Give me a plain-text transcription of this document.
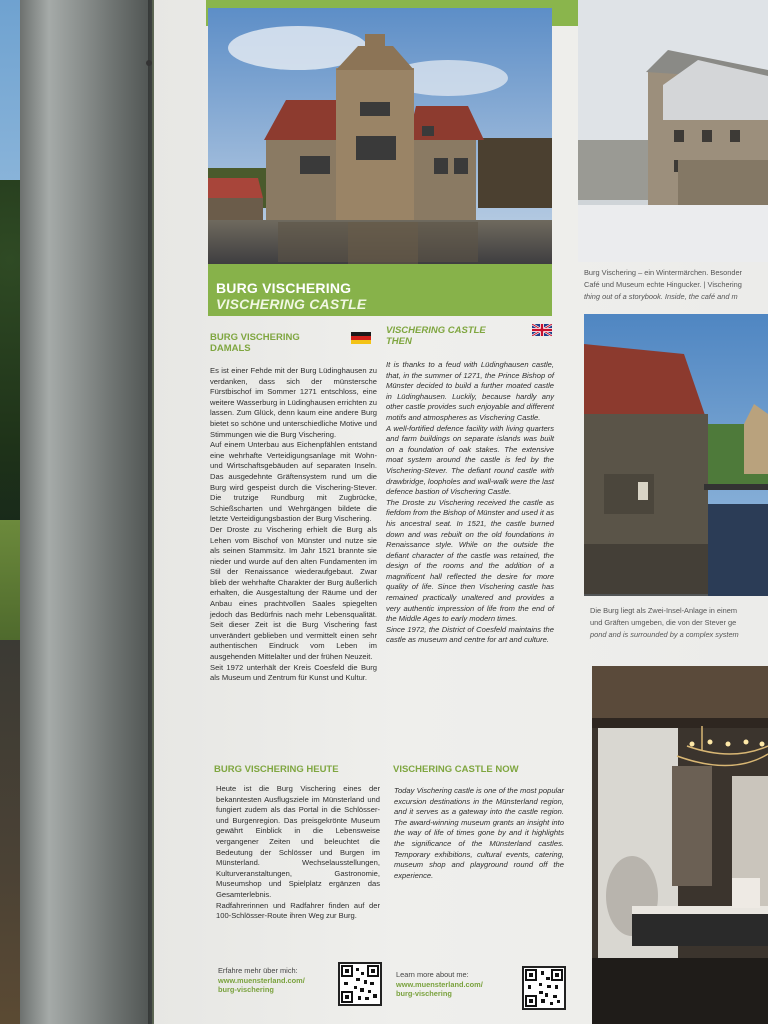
BURG VISCHERING
VISCHERING CASTLE
Burg Vischering – ein Wintermärchen. Besonder
Café und Museum echte Hingucker. | Vischering
thing out of a storybook. Inside, the café and m
Die Burg liegt als Zwei-Insel-Anlage in einem
und Gräften umgeben, die von der Stever ge
pond and is surrounded by a complex system
BURG VISCHERING
DAMALS
VISCHERING CASTLE
THEN

Es ist einer Fehde mit der Burg Lüdinghausen zu verdanken, dass sich der münstersche Fürstbischof im Sommer 1271 entschloss, eine weitere Wasserburg in Lüdinghausen errichten zu lassen. Zum Glück, denn kaum eine andere Burg bietet so schöne und unterschiedliche Motive und Stimmungen wie die Burg Vischering.

Auf einem Unterbau aus Eichenpfählen entstand eine wehrhafte Verteidigungsanlage mit Wohn- und Wirtschaftsgebäuden auf separaten Inseln. Das ausgedehnte Gräftensystem rund um die Burg wird gespeist durch die Vischering-Stever. Die trutzige Rundburg mit Zugbrücke, Schießscharten und Wehrgängen bildete die letzte Verteidigungsbastion der Burg Vischering.

Der Droste zu Vischering erhielt die Burg als Lehen vom Bischof von Münster und nutze sie als seinen Stammsitz. Im Jahr 1521 brannte sie nieder und wurde auf den alten Fundamenten im Stil der Renaissance wiederaufgebaut. Zwar blieb der wehrhafte Charakter der Burg äußerlich erhalten, die Ausgestaltung der Räume und der Anbau eines prachtvollen Saales spiegelten jedoch das Bedürfnis nach mehr Lebensqualität. Seit dieser Zeit ist die Burg Vischering fast unverändert geblieben und vermittelt einen sehr authentischen Eindruck vom Leben im ausgehenden Mittelalter und der frühen Neuzeit.

Seit 1972 unterhält der Kreis Coesfeld die Burg als Museum und Zentrum für Kunst und Kultur.

It is thanks to a feud with Lüdinghausen castle, that, in the summer of 1271, the Prince Bishop of Münster decided to build a further moated castle in Lüdinghausen. Luckily, because hardly any other castle provides such enjoyable and different motifs and atmospheres as Vischering Castle.

A well-fortified defence facility with living quarters and farm buildings on separate islands was built on a foundation of oak stakes. The extensive moat system around the castle is fed by the Vischering-Stever. The defiant round castle with drawbridge, loopholes and wall-walk were the last defence bastion of Vischering Castle.

The Droste zu Vischering received the castle as fiefdom from the Bishop of Münster and used it as his ancestral seat. In 1521, the castle burned down and was rebuilt on the old foundations in Renaissance style. While on the outside the defiant character of the castle was retained, the design of the rooms and the addition of a magnificent hall reflected the desire for more quality of life. Since then Vischering castle has remained practically unaltered and provides a very authentic impression of life from the end of the Middle Ages to early modern times.

Since 1972, the District of Coesfeld maintains the castle as museum and centre for art and culture.

BURG VISCHERING HEUTE	VISCHERING CASTLE NOW

Heute ist die Burg Vischering eines der bekanntesten Ausflugsziele im Münsterland und fungiert zudem als das Portal in die Schlösser- und Burgenregion. Das preisgekrönte Museum gewährt Einblick in die Lebensweise vergangener Zeiten und beleuchtet die Bedeutung der Schlösser und Burgen im Münsterland. Wechselausstellungen, Kulturveranstaltungen, Gastronomie, Museumshop und Spielplatz ergänzen das Gesamterlebnis.

Radfahrerinnen und Radfahrer finden auf der 100-Schlösser-Route ihren Weg zur Burg.

Today Vischering castle is one of the most popular excursion destinations in the Münsterland region, and it serves as a gateway into the castle region. The award-winning museum grants an insight into the way of life of times gone by and it highlights the significance of the Münsterland castles. Temporary exhibitions, cultural events, catering, museum shop and playground round off the experience.

Erfahre mehr über mich:
www.muensterland.com/
burg-vischering
Learn more about me:
www.muensterland.com/
burg-vischering
